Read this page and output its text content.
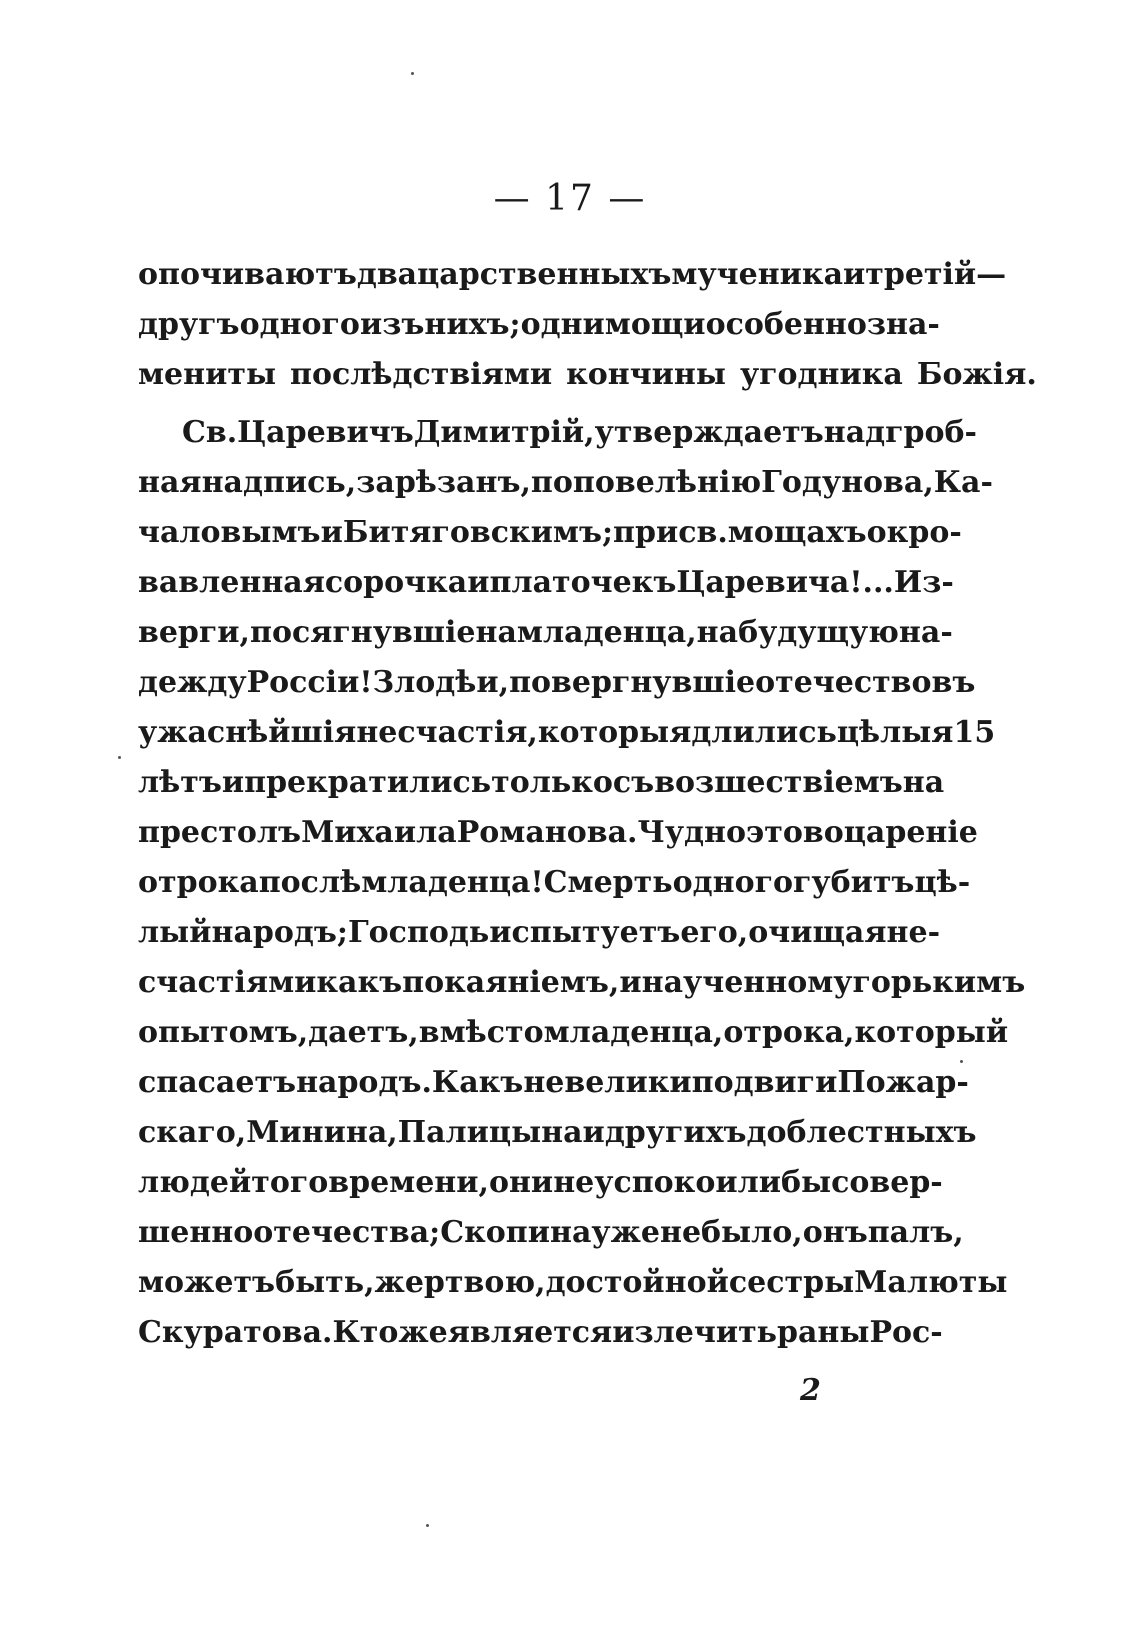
— 17 —
опочиваютъ два царственныхъ мученика и третій—
другъ одного изъ нихъ; одни мощи особенно зна-
мениты послѣдствіями кончины угодника Божія.
Св. Царевичъ Димитрій, утверждаетъ надгроб-
ная надпись, зарѣзанъ, по повелѣнію Годунова, Ка-
чаловымъ и Битяговскимъ; при св. мощахъ окро-
вавленная сорочка и платочекъ Царевича!... Из-
верги, посягнувшіе на младенца, на будущую на-
дежду Россіи! Злодѣи, повергнувшіе отечество въ
ужаснѣйшія несчастія, которыя длились цѣлыя 15
лѣтъ и прекратились только съ возшествіемъ на
престолъ Михаила Романова. Чудно это воцареніе
отрока послѣ младенца! Смерть одного губитъ цѣ-
лый народъ; Господь испытуетъ его, очищая не-
счастіями какъ покаяніемъ, и наученному горькимъ
опытомъ, даетъ, вмѣсто младенца, отрока, который
спасаетъ народъ. Какъ не велики подвиги Пожар-
скаго, Минина, Палицына и другихъ доблестныхъ
людей того времени, они не успокоили бы совер-
шенно отечества; Скопина уже не было, онъ палъ,
можетъ быть, жертвою, достойной сестры Малюты
Скуратова. Кто же является излечить раны Рос-
2
